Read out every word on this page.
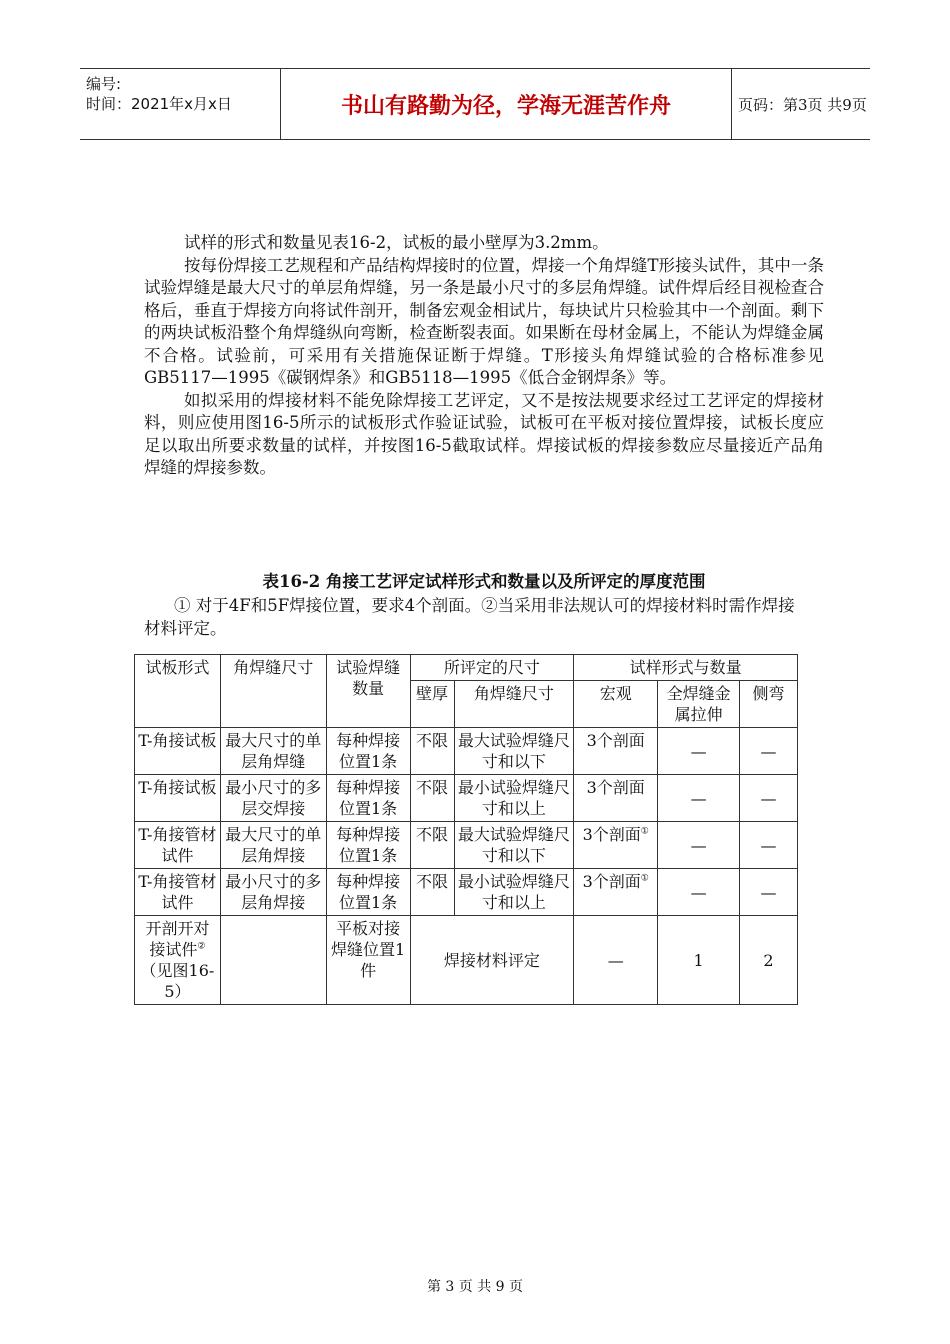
编号:
时间：2021年x月x日	书山有路勤为径，学海无涯苦作舟	页码：第3页 共9页

试样的形式和数量见表16-2，试板的最小壁厚为3.2mm。

按每份焊接工艺规程和产品结构焊接时的位置，焊接一个角焊缝T形接头试件，其中一条试验焊缝是最大尺寸的单层角焊缝，另一条是最小尺寸的多层角焊缝。试件焊后经目视检查合格后，垂直于焊接方向将试件剖开，制备宏观金相试片，每块试片只检验其中一个剖面。剩下的两块试板沿整个角焊缝纵向弯断，检查断裂表面。如果断在母材金属上，不能认为焊缝金属不合格。试验前，可采用有关措施保证断于焊缝。T形接头角焊缝试验的合格标准参见GB5117—1995《碳钢焊条》和GB5118—1995《低合金钢焊条》等。

如拟采用的焊接材料不能免除焊接工艺评定，又不是按法规要求经过工艺评定的焊接材料，则应使用图16-5所示的试板形式作验证试验，试板可在平板对接位置焊接，试板长度应足以取出所要求数量的试样，并按图16-5截取试样。焊接试板的焊接参数应尽量接近产品角焊缝的焊接参数。

表16-2 角接工艺评定试样形式和数量以及所评定的厚度范围
① 对于4F和5F焊接位置，要求4个剖面。②当采用非法规认可的焊接材料时需作焊接材料评定。
试板形式	角焊缝尺寸	试验焊缝数量	所评定的尺寸		试样形式与数量		
			壁厚	角焊缝尺寸	宏观	全焊缝金属拉伸	侧弯
T-角接试板	最大尺寸的单层角焊缝	每种焊接位置1条	不限	最大试验焊缝尺寸和以下	3个剖面	—	—
T-角接试板	最小尺寸的多层交焊接	每种焊接位置1条	不限	最小试验焊缝尺寸和以上	3个剖面	—	—
T-角接管材试件	最大尺寸的单层角焊接	每种焊接位置1条	不限	最大试验焊缝尺寸和以下	3个剖面①	—	—
T-角接管材试件	最小尺寸的多层角焊接	每种焊接位置1条	不限	最小试验焊缝尺寸和以上	3个剖面①	—	—
开剖开对接试件②（见图16-5）		平板对接焊缝位置1件	焊接材料评定		—	1	2
第 3 页 共 9 页
